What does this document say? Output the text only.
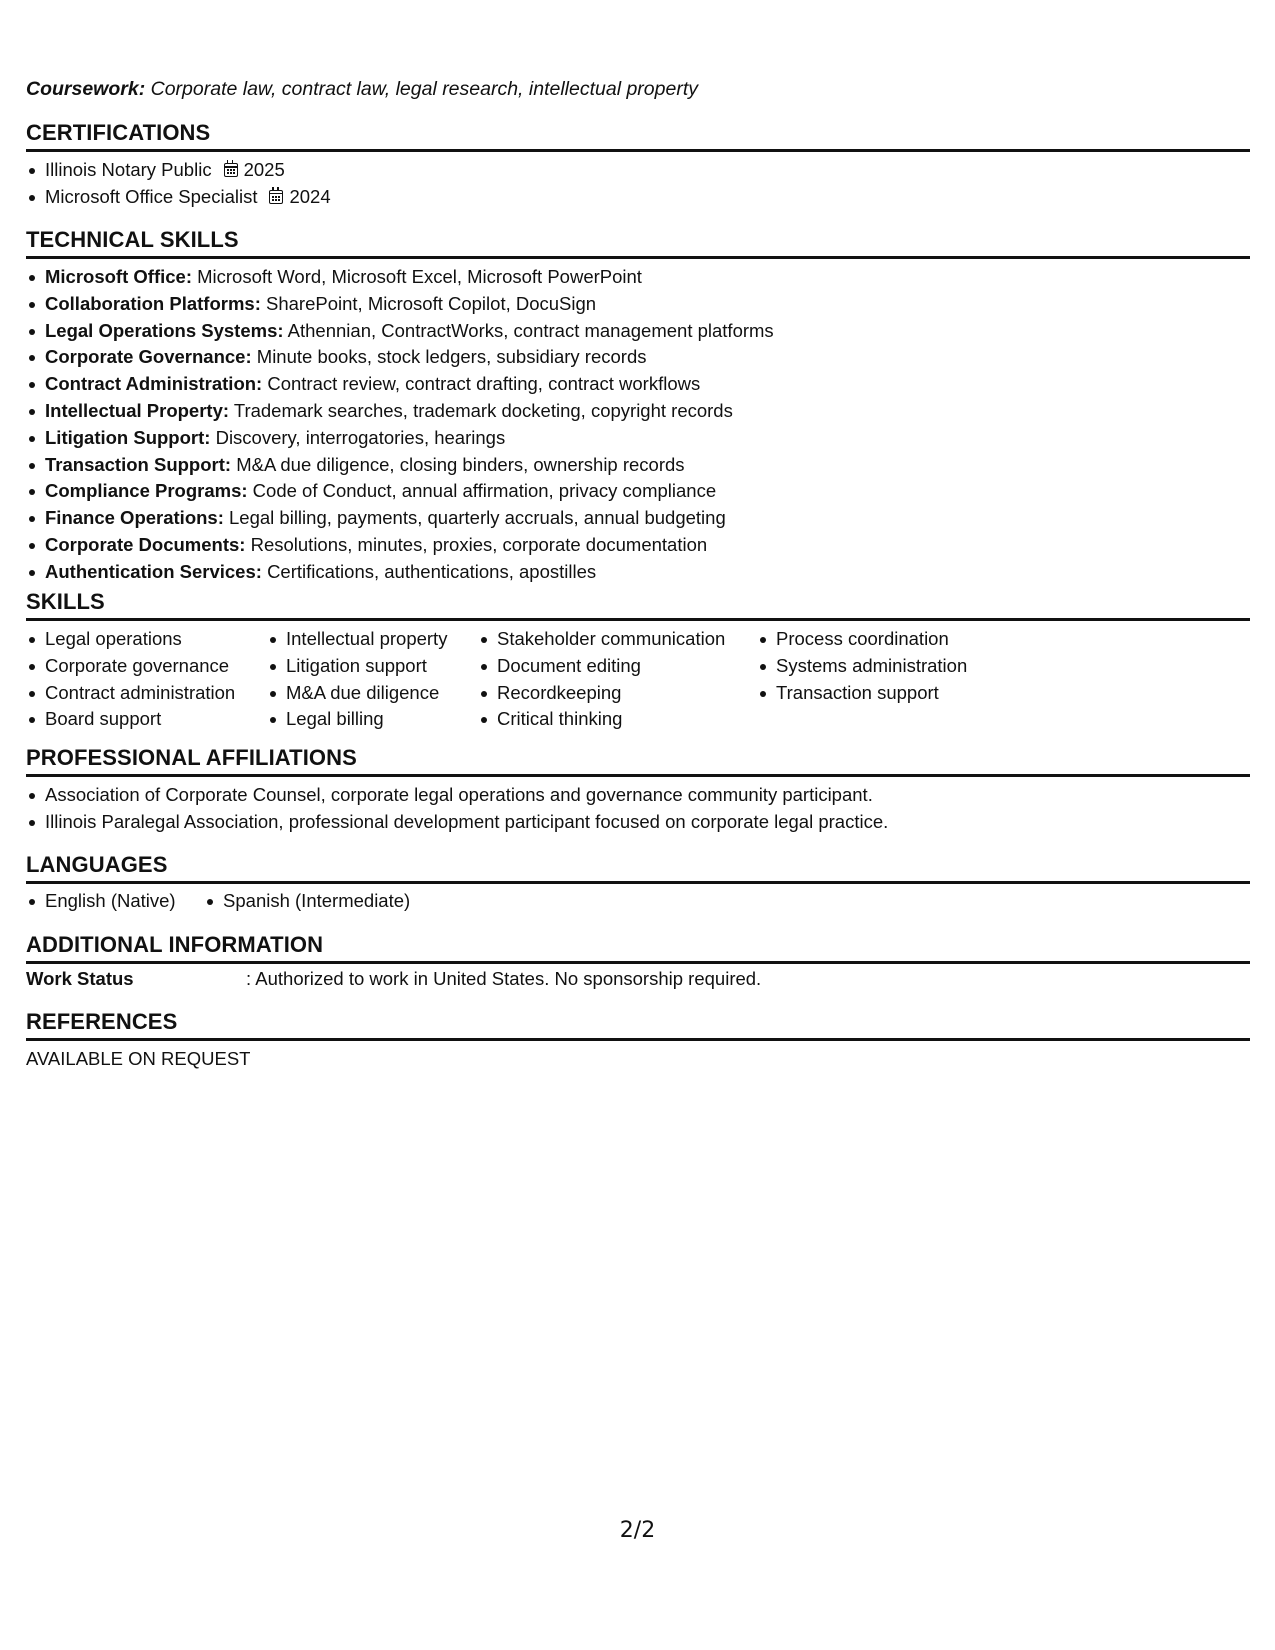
Coursework: Corporate law, contract law, legal research, intellectual property
CERTIFICATIONS
Illinois Notary Public 2025
Microsoft Office Specialist 2024
TECHNICAL SKILLS
Microsoft Office: Microsoft Word, Microsoft Excel, Microsoft PowerPoint
Collaboration Platforms: SharePoint, Microsoft Copilot, DocuSign
Legal Operations Systems: Athennian, ContractWorks, contract management platforms
Corporate Governance: Minute books, stock ledgers, subsidiary records
Contract Administration: Contract review, contract drafting, contract workflows
Intellectual Property: Trademark searches, trademark docketing, copyright records
Litigation Support: Discovery, interrogatories, hearings
Transaction Support: M&A due diligence, closing binders, ownership records
Compliance Programs: Code of Conduct, annual affirmation, privacy compliance
Finance Operations: Legal billing, payments, quarterly accruals, annual budgeting
Corporate Documents: Resolutions, minutes, proxies, corporate documentation
Authentication Services: Certifications, authentications, apostilles
SKILLS
Legal operations
Corporate governance
Contract administration
Board support
Intellectual property
Litigation support
M&A due diligence
Legal billing
Stakeholder communication
Document editing
Recordkeeping
Critical thinking
Process coordination
Systems administration
Transaction support
PROFESSIONAL AFFILIATIONS
Association of Corporate Counsel, corporate legal operations and governance community participant.
Illinois Paralegal Association, professional development participant focused on corporate legal practice.
LANGUAGES
English (Native)	Spanish (Intermediate)
ADDITIONAL INFORMATION
Work Status	: Authorized to work in United States. No sponsorship required.
REFERENCES
AVAILABLE ON REQUEST
2/2
